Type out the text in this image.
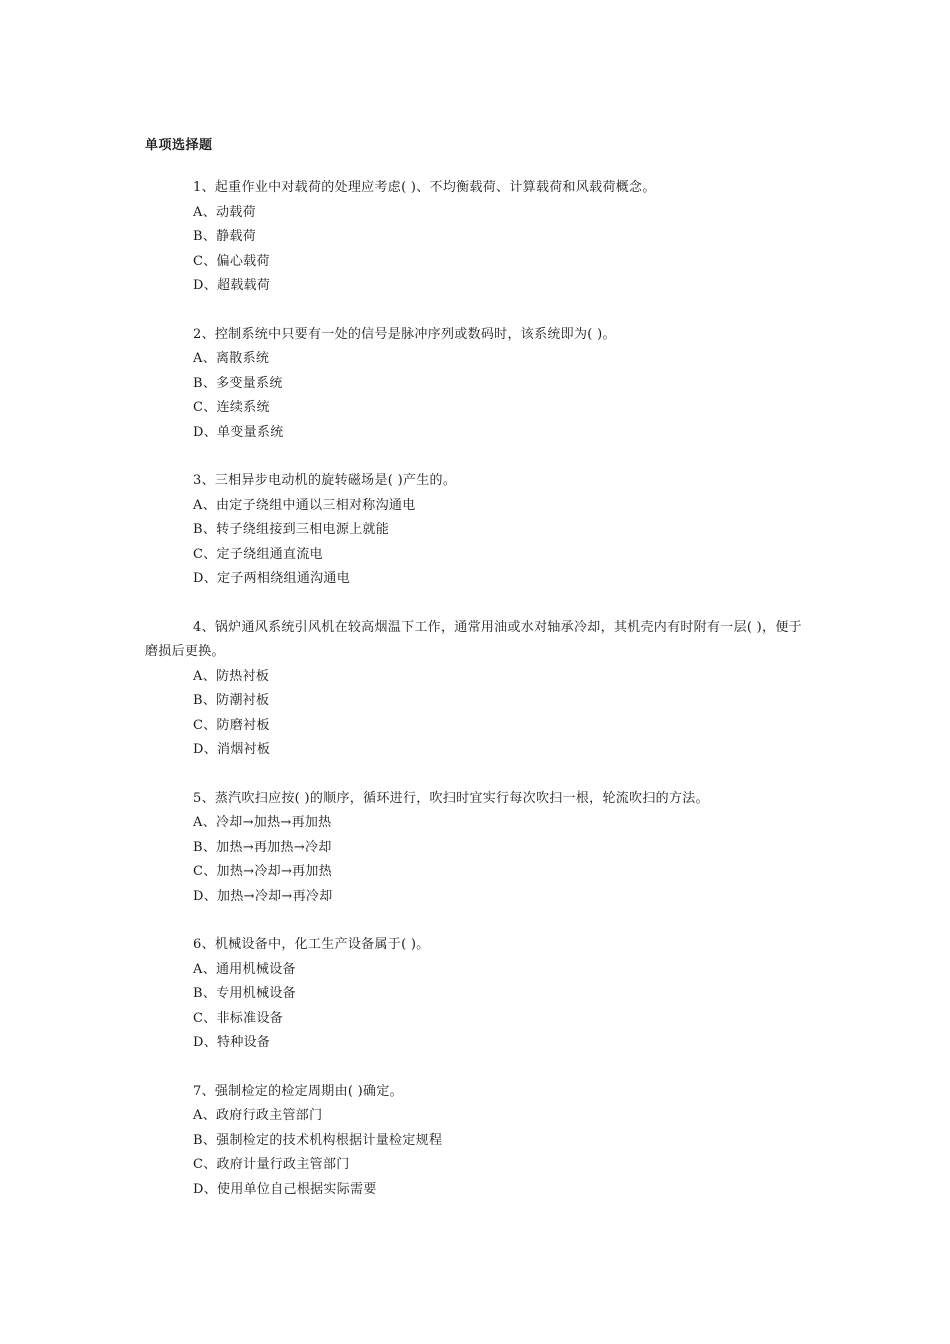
单项选择题

1、起重作业中对载荷的处理应考虑( )、不均衡载荷、计算载荷和风载荷概念。

A、动载荷
B、静载荷
C、偏心载荷
D、超载载荷

2、控制系统中只要有一处的信号是脉冲序列或数码时，该系统即为( )。

A、离散系统
B、多变量系统
C、连续系统
D、单变量系统

3、三相异步电动机的旋转磁场是( )产生的。

A、由定子绕组中通以三相对称沟通电
B、转子绕组接到三相电源上就能
C、定子绕组通直流电
D、定子两相绕组通沟通电

4、锅炉通风系统引风机在较高烟温下工作，通常用油或水对轴承冷却，其机壳内有时附有一层( )，便于磨损后更换。

A、防热衬板
B、防潮衬板
C、防磨衬板
D、消烟衬板

5、蒸汽吹扫应按( )的顺序，循环进行，吹扫时宜实行每次吹扫一根，轮流吹扫的方法。

A、冷却→加热→再加热
B、加热→再加热→冷却
C、加热→冷却→再加热
D、加热→冷却→再冷却

6、机械设备中，化工生产设备属于( )。

A、通用机械设备
B、专用机械设备
C、非标准设备
D、特种设备

7、强制检定的检定周期由( )确定。

A、政府行政主管部门
B、强制检定的技术机构根据计量检定规程
C、政府计量行政主管部门
D、使用单位自己根据实际需要
